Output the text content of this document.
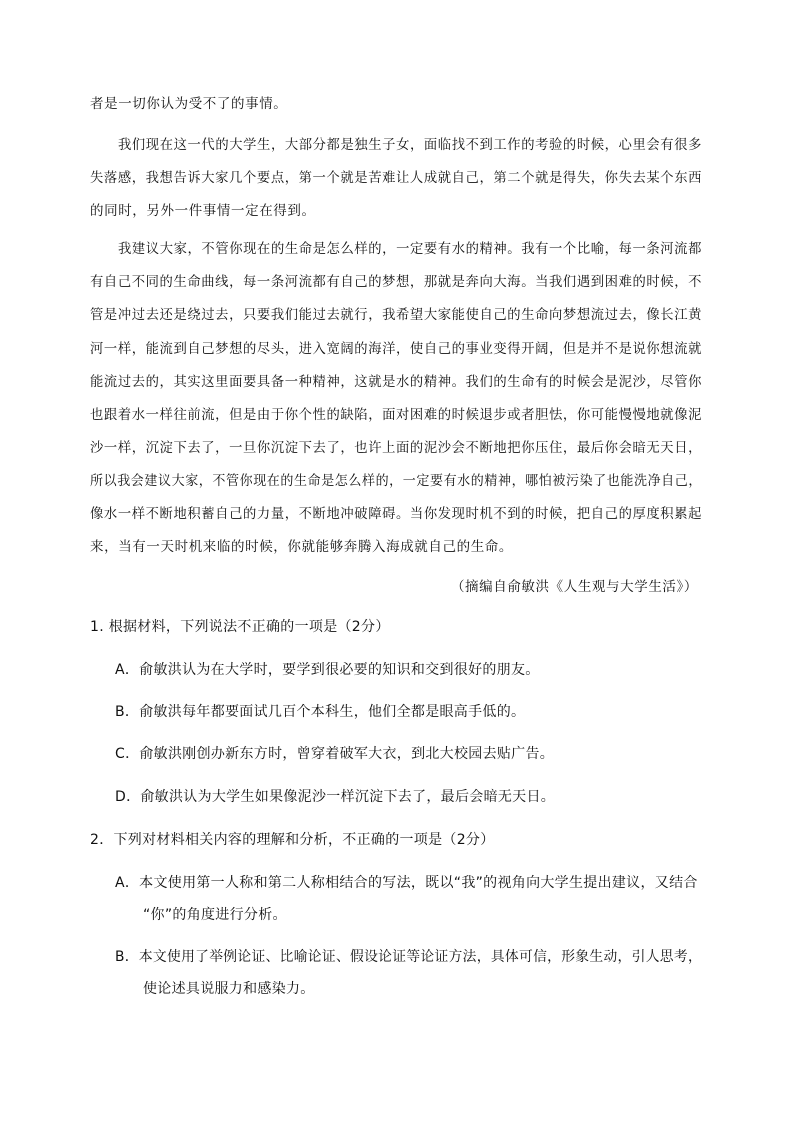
者是一切你认为受不了的事情。
我们现在这一代的大学生，大部分都是独生子女，面临找不到工作的考验的时候，心里会有很多
失落感，我想告诉大家几个要点，第一个就是苦难让人成就自己，第二个就是得失，你失去某个东西
的同时，另外一件事情一定在得到。
我建议大家，不管你现在的生命是怎么样的，一定要有水的精神。我有一个比喻，每一条河流都
有自己不同的生命曲线，每一条河流都有自己的梦想，那就是奔向大海。当我们遇到困难的时候，不
管是冲过去还是绕过去，只要我们能过去就行，我希望大家能使自己的生命向梦想流过去，像长江黄
河一样，能流到自己梦想的尽头，进入宽阔的海洋，使自己的事业变得开阔，但是并不是说你想流就
能流过去的，其实这里面要具备一种精神，这就是水的精神。我们的生命有的时候会是泥沙，尽管你
也跟着水一样往前流，但是由于你个性的缺陷，面对困难的时候退步或者胆怯，你可能慢慢地就像泥
沙一样，沉淀下去了，一旦你沉淀下去了，也许上面的泥沙会不断地把你压住，最后你会暗无天日，
所以我会建议大家，不管你现在的生命是怎么样的，一定要有水的精神，哪怕被污染了也能洗净自己，
像水一样不断地积蓄自己的力量，不断地冲破障碍。当你发现时机不到的时候，把自己的厚度积累起
来，当有一天时机来临的时候，你就能够奔腾入海成就自己的生命。
（摘编自俞敏洪《人生观与大学生活》）
1. 根据材料，下列说法不正确的一项是（2分）
A．俞敏洪认为在大学时，要学到很必要的知识和交到很好的朋友。
B．俞敏洪每年都要面试几百个本科生，他们全都是眼高手低的。
C．俞敏洪刚创办新东方时，曾穿着破军大衣，到北大校园去贴广告。
D．俞敏洪认为大学生如果像泥沙一样沉淀下去了，最后会暗无天日。
2．下列对材料相关内容的理解和分析，不正确的一项是（2分）
A．本文使用第一人称和第二人称相结合的写法，既以“我”的视角向大学生提出建议，又结合
“你”的角度进行分析。
B．本文使用了举例论证、比喻论证、假设论证等论证方法，具体可信，形象生动，引人思考，
使论述具说服力和感染力。
